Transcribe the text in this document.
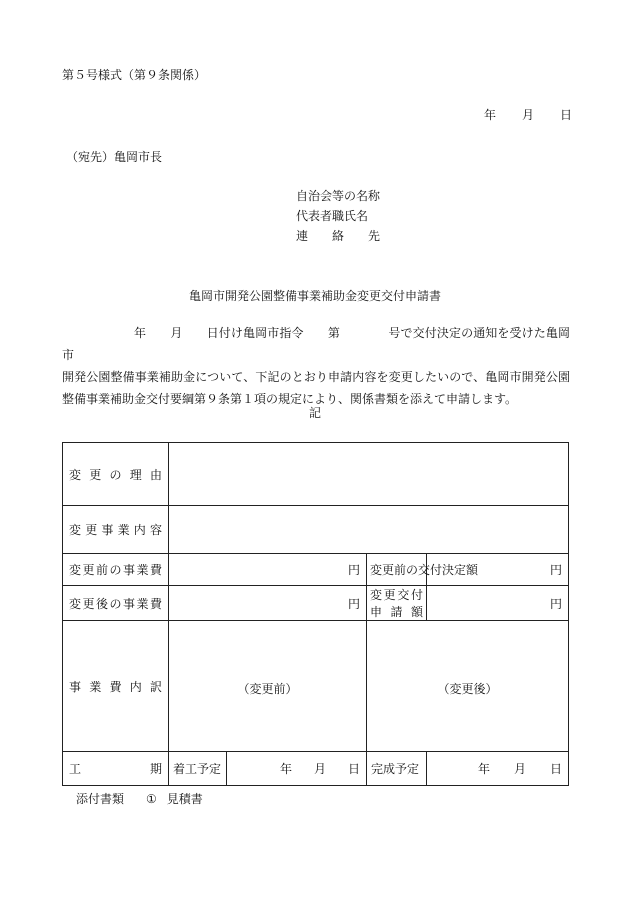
第５号様式（第９条関係）
年 月 日
（宛先）亀岡市長
自治会等の名称
代表者職氏名
連　　絡　　先
亀岡市開発公園整備事業補助金変更交付申請書
年　　月　　日付け亀岡市指令　　第　　　　号で交付決定の通知を受けた亀岡市
開発公園整備事業補助金について、下記のとおり申請内容を変更したいので、亀岡市開発公園整備事業補助金交付要綱第９条第１項の規定により、関係書類を添えて申請します。
記
変更の理由				

変更事業内容				

変更前の事業費	円		変更前の交付決定額	円

変更後の事業費	円		変更交付申請額	円

事業費内訳	（変更前）		（変更後）	

工　　　　期	着工予定	年 月 日	完成予定	年 月 日
添付書類 ① 見積書
